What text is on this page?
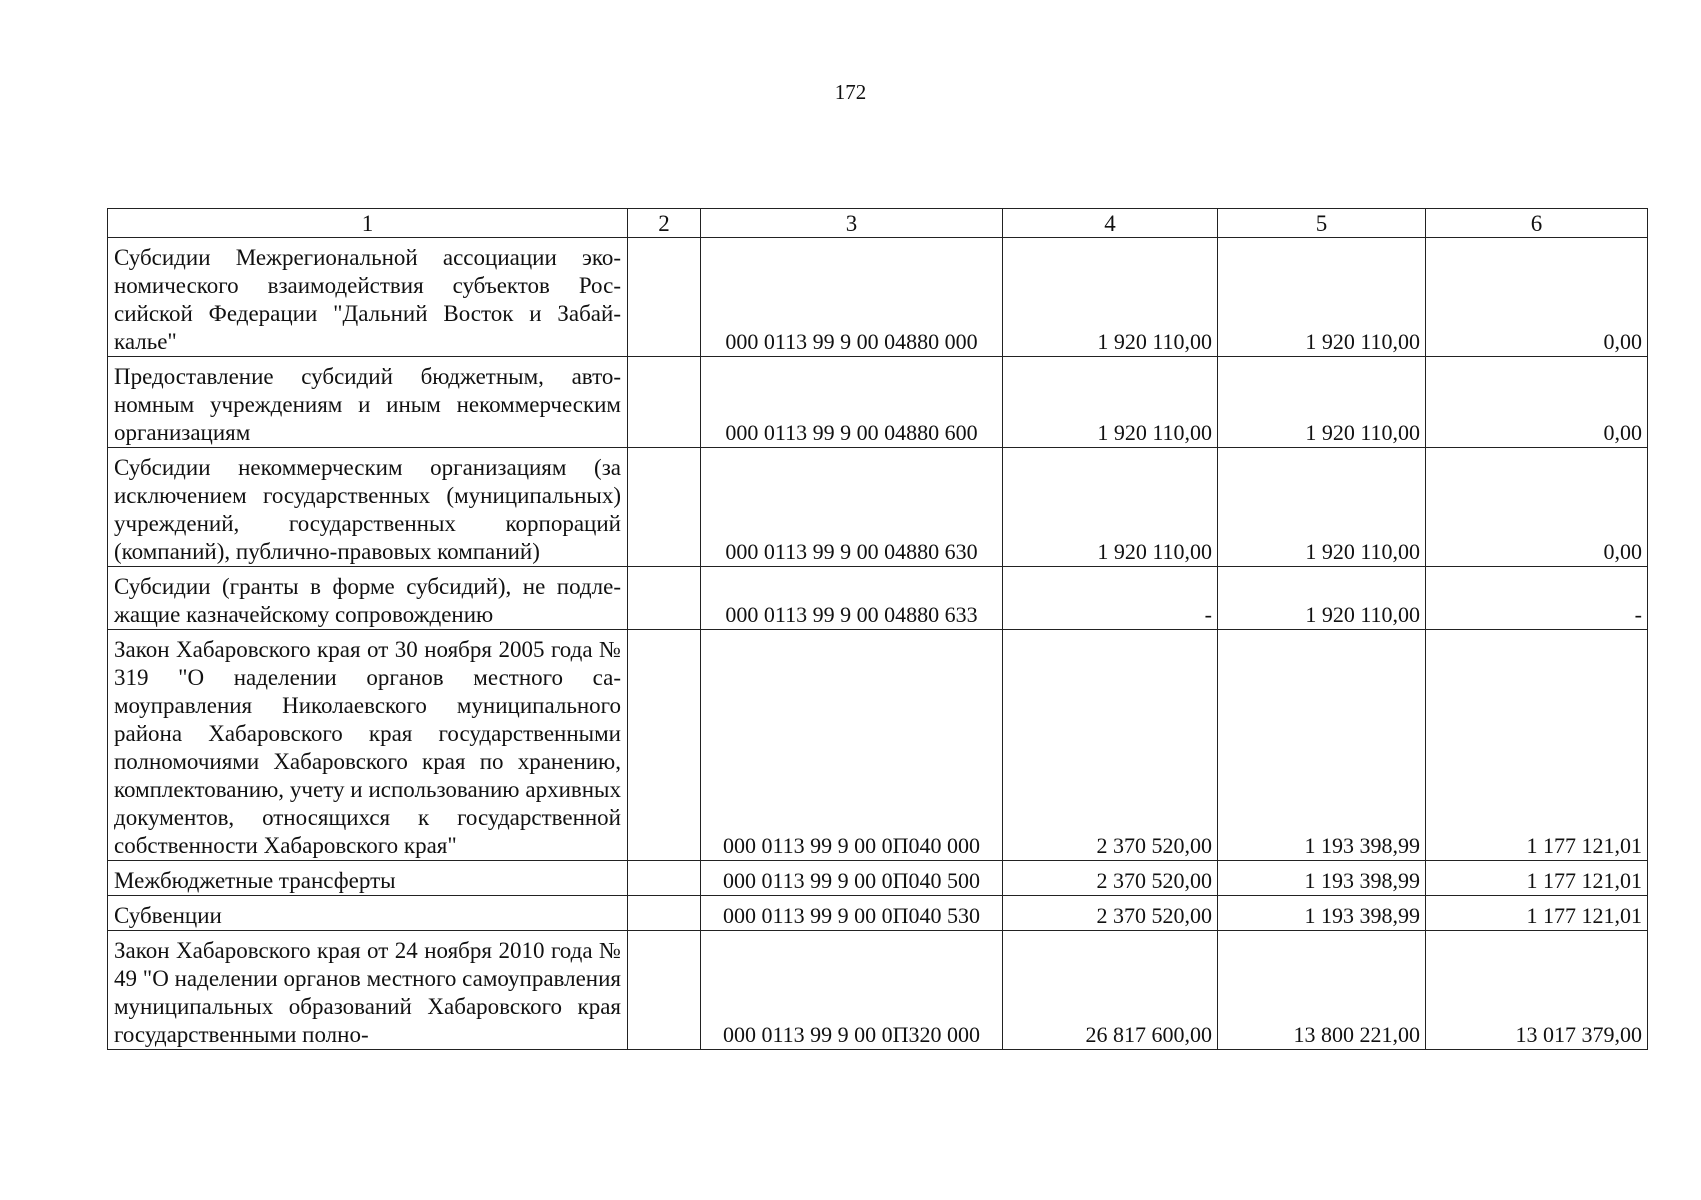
172
1	2	3	4	5	6
Субсидии Межрегиональной ассоциации экономического взаимодействия субъектов Российской Федерации "Дальний Восток и Забайкалье"		000 0113 99 9 00 04880 000	1 920 110,00	1 920 110,00	0,00
Предоставление субсидий бюджетным, автономным учреждениям и иным некоммерческим организациям		000 0113 99 9 00 04880 600	1 920 110,00	1 920 110,00	0,00
Субсидии некоммерческим организациям (за исключением государственных (муниципальных) учреждений, государственных корпораций (компаний), публично-правовых компаний)		000 0113 99 9 00 04880 630	1 920 110,00	1 920 110,00	0,00
Субсидии (гранты в форме субсидий), не подлежащие казначейскому сопровождению		000 0113 99 9 00 04880 633	-	1 920 110,00	-
Закон Хабаровского края от 30 ноября 2005 года № 319 "О наделении органов местного самоуправления Николаевского муниципального района Хабаровского края государственными полномочиями Хабаровского края по хранению, комплектованию, учету и использованию архивных документов, относящихся к государственной собственности Хабаровского края"		000 0113 99 9 00 0П040 000	2 370 520,00	1 193 398,99	1 177 121,01
Межбюджетные трансферты		000 0113 99 9 00 0П040 500	2 370 520,00	1 193 398,99	1 177 121,01
Субвенции		000 0113 99 9 00 0П040 530	2 370 520,00	1 193 398,99	1 177 121,01
Закон Хабаровского края от 24 ноября 2010 года № 49 "О наделении органов местного самоуправления муниципальных образований Хабаровского края государственными полно-		000 0113 99 9 00 0П320 000	26 817 600,00	13 800 221,00	13 017 379,00
